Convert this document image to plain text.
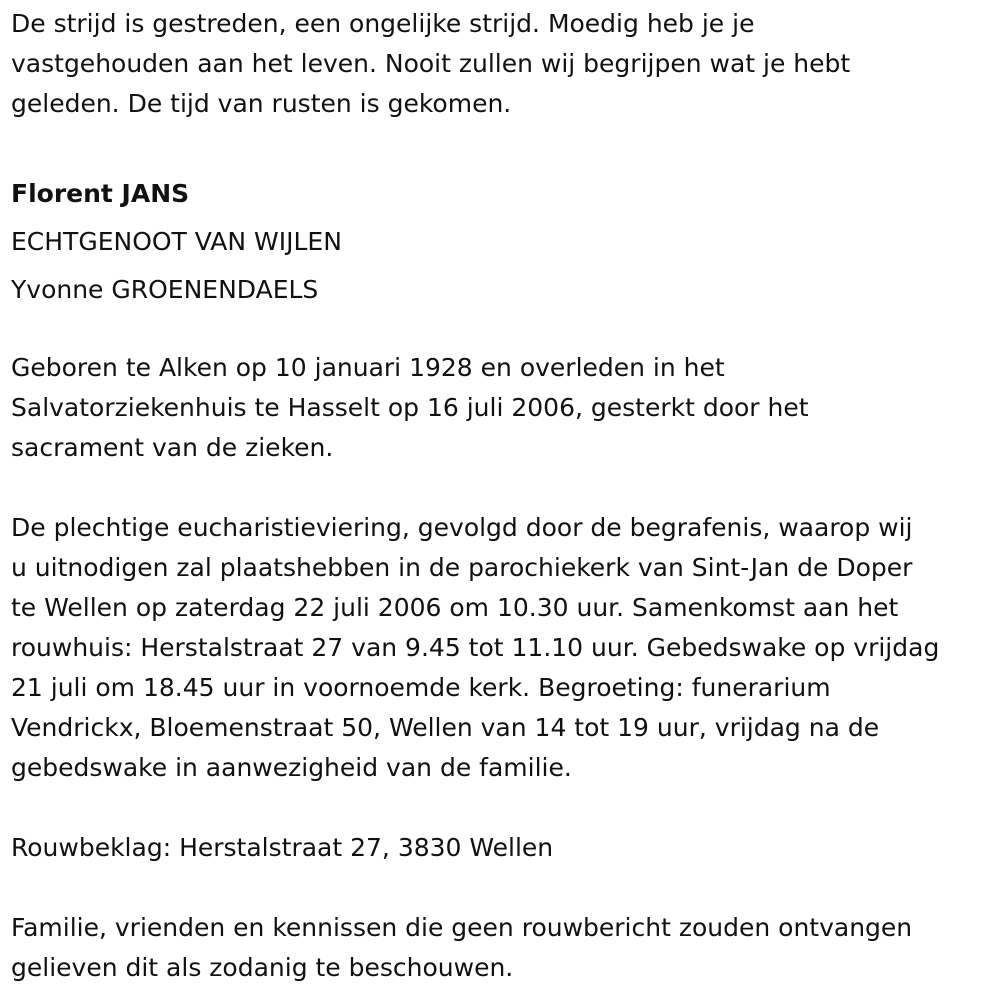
De strijd is gestreden, een ongelijke strijd. Moedig heb je je
vastgehouden aan het leven. Nooit zullen wij begrijpen wat je hebt
geleden. De tijd van rusten is gekomen.

Florent JANS

ECHTGENOOT VAN WIJLEN

Yvonne GROENENDAELS

Geboren te Alken op 10 januari 1928 en overleden in het
Salvatorziekenhuis te Hasselt op 16 juli 2006, gesterkt door het
sacrament van de zieken.

De plechtige eucharistieviering, gevolgd door de begrafenis, waarop wij
u uitnodigen zal plaatshebben in de parochiekerk van Sint-Jan de Doper
te Wellen op zaterdag 22 juli 2006 om 10.30 uur. Samenkomst aan het
rouwhuis: Herstalstraat 27 van 9.45 tot 11.10 uur. Gebedswake op vrijdag
21 juli om 18.45 uur in voornoemde kerk. Begroeting: funerarium
Vendrickx, Bloemenstraat 50, Wellen van 14 tot 19 uur, vrijdag na de
gebedswake in aanwezigheid van de familie.

Rouwbeklag: Herstalstraat 27, 3830 Wellen

Familie, vrienden en kennissen die geen rouwbericht zouden ontvangen
gelieven dit als zodanig te beschouwen.
